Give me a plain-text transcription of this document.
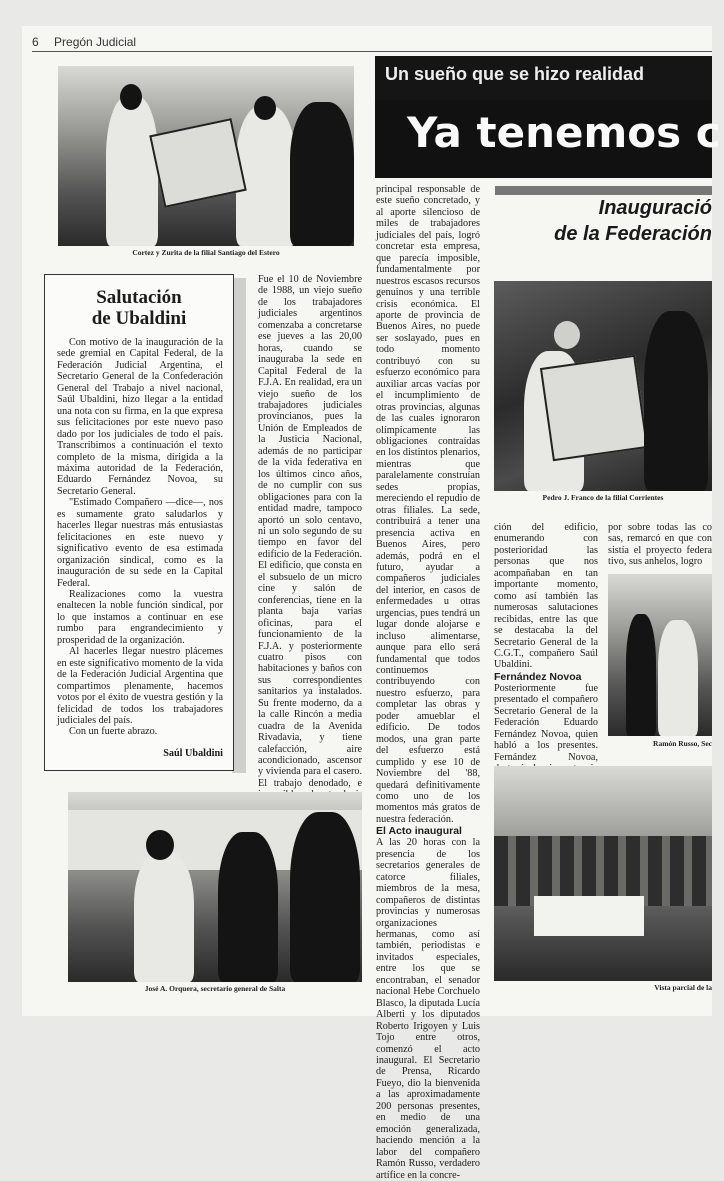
6 Pregón Judicial
Cortez y Zurita de la filial Santiago del Estero
Un sueño que se hizo realidad
Ya tenemos c
Inauguració
de la Federación
Salutación
de Ubaldini

Con motivo de la inauguración de la sede gremial en Capital Federal, de la Federación Judicial Argentina, el Secretario General de la Confederación General del Trabajo a nivel nacional, Saúl Ubaldini, hizo llegar a la entidad una nota con su firma, en la que expresa sus felicitaciones por este nuevo paso dado por los judiciales de todo el país. Transcribimos a continuación el texto completo de la misma, dirigida a la máxima autoridad de la Federación, Eduardo Fernández Novoa, su Secretario General.

"Estimado Compañero —dice—, nos es sumamente grato saludarlos y hacerles llegar nuestras más entusiastas felicitaciones en este nuevo y significativo evento de esa estimada organización sindical, como es la inauguración de su sede en la Capital Federal.

Realizaciones como la vuestra enaltecen la noble función sindical, por lo que instamos a continuar en ese rumbo para engrandecimiento y prosperidad de la organización.

Al hacerles llegar nuestro plácemes en este significativo momento de la vida de la Federación Judicial Argentina que compartimos plenamente, hacemos votos por el éxito de vuestra gestión y la felicidad de todos los trabajadores judiciales del país.

Con un fuerte abrazo.

Saúl Ubaldini

Fue el 10 de Noviembre de 1988, un viejo sueño de los trabajadores judiciales argentinos comenzaba a concretarse ese jueves a las 20,00 horas, cuando se inauguraba la sede en Capital Federal de la F.J.A. En realidad, era un viejo sueño de los trabajadores judiciales provincianos, pues la Unión de Empleados de la Justicia Nacional, además de no participar de la vida federativa en los últimos cinco años, de no cumplir con sus obligaciones para con la entidad madre, tampoco aportó un solo centavo, ni un solo segundo de su tiempo en favor del edificio de la Federación. El edificio, que consta en el subsuelo de un micro cine y salón de conferencias, tiene en la planta baja varias oficinas, para el funcionamiento de la F.J.A. y posteriormente cuatro pisos con habitaciones y baños con sus correspondientes sanitarios ya instalados. Su frente moderno, da a la calle Rincón a media cuadra de la Avenida Rivadavia, y tiene calefacción, aire acondicionado, ascensor y vivienda para el casero. El trabajo denodado, e

principal responsable de este sueño concretado, y al aporte silencioso de miles de trabajadores judiciales del país, logró concretar esta empresa, que parecía imposible, fundamentalmente por nuestros escasos recursos genuinos y una terrible crisis económica. El aporte de provincia de Buenos Aires, no puede ser soslayado, pues en todo momento contribuyó con su esfuerzo económico para auxiliar arcas vacías por el incumplimiento de otras provincias, algunas de las cuales ignoraron olímpicamente las obligaciones contraídas en los distintos plenarios, mientras que paralelamente construían sedes propias, mereciendo el repudio de otras filiales. La sede, contribuirá a tener una presencia activa en Buenos Aires, pero además, podrá en el futuro, ayudar a compañeros judiciales del interior, en casos de enfermedades u otras urgencias, pues tendrá un lugar donde alojarse e incluso alimentarse, aunque para ello será fundamental que todos continuemos contribuyendo con nuestro esfuerzo, para completar las obras y poder amueblar el edificio. De todos modos, una gran parte del esfuerzo está cumplido y ese 10 de Noviembre del '88, quedará definitivamente como uno de los momentos más gratos de nuestra federación.

El Acto inaugural

A las 20 horas con la presencia de los secretarios generales de catorce filiales, miembros de la mesa, compañeros de distintas provincias y numerosas organizaciones hermanas, como así también, periodistas e invitados especiales, entre los que se encontraban, el senador nacional Hebe Corchuelo Blasco, la diputada Lucía Alberti y los diputados Roberto Irigoyen y Luis Tojo entre otros, comenzó el acto inaugural. El Secretario de Prensa, Ricardo Fueyo, dio la bienvenida a las aproximadamente 200 personas presentes, en medio de una emoción generalizada, haciendo mención a la labor del compañero Ramón Russo, verdadero artífice en la concre-

Pedro J. Franco de la filial Corrientes

ción del edificio, enumerando con posterioridad las personas que nos acompañaban en tan importante momento, como así también las numerosas salutaciones recibidas, entre las que se destacaba la del Secretario General de la C.G.T., compañero Saúl Ubaldini.

Fernández Novoa

Posteriormente fue presentado el compañero Secretario General de la Federación Eduardo Fernández Novoa, quien habló a los presentes. Fernández Novoa,

por sobre todas las co sas, remarcó en que con sistía el proyecto federa tivo, sus anhelos, logro

Ramón Russo, Sec
Vista parcial de la
José A. Orquera, secretario general de Salta
